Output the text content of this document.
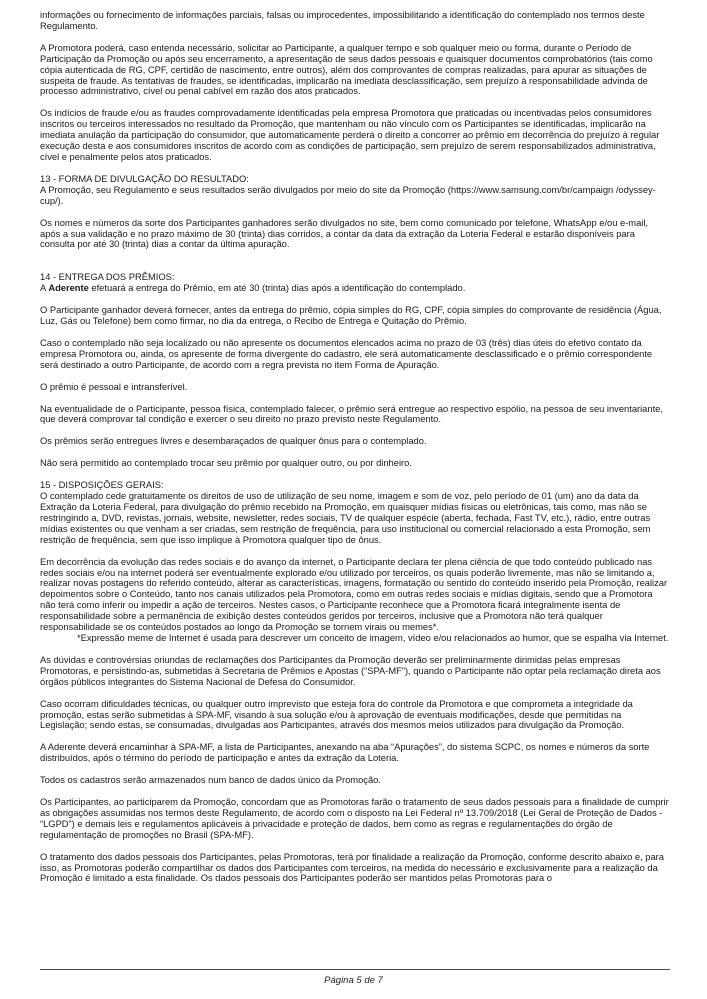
informações ou fornecimento de informações parciais, falsas ou improcedentes, impossibilitando a identificação do contemplado nos termos deste Regulamento.

A Promotora poderá, caso entenda necessário, solicitar ao Participante, a qualquer tempo e sob qualquer meio ou forma, durante o Período de Participação da Promoção ou após seu encerramento, a apresentação de seus dados pessoais e quaisquer documentos comprobatórios (tais como cópia autenticada de RG, CPF, certidão de nascimento, entre outros), além dos comprovantes de compras realizadas, para apurar as situações de suspeita de fraude. As tentativas de fraudes, se identificadas, implicarão na imediata desclassificação, sem prejuízo à responsabilidade advinda de processo administrativo, cível ou penal cabível em razão dos atos praticados.

Os indícios de fraude e/ou as fraudes comprovadamente identificadas pela empresa Promotora que praticadas ou incentivadas pelos consumidores inscritos ou terceiros interessados no resultado da Promoção, que mantenham ou não vínculo com os Participantes se identificadas, implicarão na imediata anulação da participação do consumidor, que automaticamente perderá o direito a concorrer ao prêmio em decorrência do prejuízo à regular execução desta e aos consumidores inscritos de acordo com as condições de participação, sem prejuízo de serem responsabilizados administrativa, cível e penalmente pelos atos praticados.

13 - FORMA DE DIVULGAÇÃO DO RESULTADO:

A Promoção, seu Regulamento e seus resultados serão divulgados por meio do site da Promoção (https://www.samsung.com/br/campaign /odyssey-cup/).

Os nomes e números da sorte dos Participantes ganhadores serão divulgados no site, bem como comunicado por telefone, WhatsApp e/ou e-mail, após a sua validação e no prazo máximo de 30 (trinta) dias corridos, a contar da data da extração da Loteria Federal e estarão disponíveis para consulta por até 30 (trinta) dias a contar da última apuração.

14 - ENTREGA DOS PRÊMIOS:

A Aderente efetuará a entrega do Prêmio, em até 30 (trinta) dias após a identificação do contemplado.

O Participante ganhador deverá fornecer, antes da entrega do prêmio, cópia simples do RG, CPF, cópia simples do comprovante de residência (Água, Luz, Gás ou Telefone) bem como firmar, no dia da entrega, o Recibo de Entrega e Quitação do Prêmio.

Caso o contemplado não seja localizado ou não apresente os documentos elencados acima no prazo de 03 (três) dias úteis do efetivo contato da empresa Promotora ou, ainda, os apresente de forma divergente do cadastro, ele será automaticamente desclassificado e o prêmio correspondente será destinado a outro Participante, de acordo com a regra prevista no item Forma de Apuração.

O prêmio é pessoal e intransferível.

Na eventualidade de o Participante, pessoa física, contemplado falecer, o prêmio será entregue ao respectivo espólio, na pessoa de seu inventariante, que deverá comprovar tal condição e exercer o seu direito no prazo previsto neste Regulamento.

Os prêmios serão entregues livres e desembaraçados de qualquer ônus para o contemplado.

Não será permitido ao contemplado trocar seu prêmio por qualquer outro, ou por dinheiro.

15 - DISPOSIÇÕES GERAIS:

O contemplado cede gratuitamente os direitos de uso de utilização de seu nome, imagem e som de voz, pelo período de 01 (um) ano da data da Extração da Loteria Federal, para divulgação do prêmio recebido na Promoção, em quaisquer mídias físicas ou eletrônicas, tais como, mas não se restringindo a, DVD, revistas, jornais, website, newsletter, redes sociais, TV de qualquer espécie (aberta, fechada, Fast TV, etc.), rádio, entre outras mídias existentes ou que venham a ser criadas, sem restrição de frequência, para uso institucional ou comercial relacionado a esta Promoção, sem restrição de frequência, sem que isso implique à Promotora qualquer tipo de ônus.

Em decorrência da evolução das redes sociais e do avanço da internet, o Participante declara ter plena ciência de que todo conteúdo publicado nas redes sociais e/ou na internet poderá ser eventualmente explorado e/ou utilizado por terceiros, os quais poderão livremente, mas não se limitando a, realizar novas postagens do referido conteúdo, alterar as características, imagens, formatação ou sentido do conteúdo inserido pela Promoção, realizar depoimentos sobre o Conteúdo, tanto nos canais utilizados pela Promotora, como em outras redes sociais e mídias digitais, sendo que a Promotora não terá como inferir ou impedir a ação de terceiros. Nestes casos, o Participante reconhece que a Promotora ficará integralmente isenta de responsabilidade sobre a permanência de exibição destes conteúdos geridos por terceiros, inclusive que a Promotora não terá qualquer responsabilidade se os conteúdos postados ao longo da Promoção se tornem virais ou memes*.

*Expressão meme de Internet é usada para descrever um conceito de imagem, vídeo e/ou relacionados ao humor, que se espalha via Internet.

As dúvidas e controvérsias oriundas de reclamações dos Participantes da Promoção deverão ser preliminarmente dirimidas pelas empresas Promotoras, e persistindo-as, submetidas à Secretaria de Prêmios e Apostas (“SPA-MF”), quando o Participante não optar pela reclamação direta aos órgãos públicos integrantes do Sistema Nacional de Defesa do Consumidor.

Caso ocorram dificuldades técnicas, ou qualquer outro imprevisto que esteja fora do controle da Promotora e que comprometa a integridade da promoção, estas serão submetidas à SPA-MF, visando à sua solução e/ou à aprovação de eventuais modificações, desde que permitidas na Legislação; sendo estas, se consumadas, divulgadas aos Participantes, através dos mesmos meios utilizados para divulgação da Promoção.

A Aderente deverá encaminhar à SPA-MF, a lista de Participantes, anexando na aba “Apurações”, do sistema SCPC, os nomes e números da sorte distribuídos, após o término do período de participação e antes da extração da Loteria.

Todos os cadastros serão armazenados num banco de dados único da Promoção.

Os Participantes, ao participarem da Promoção, concordam que as Promotoras farão o tratamento de seus dados pessoais para a finalidade de cumprir as obrigações assumidas nos termos deste Regulamento, de acordo com o disposto na Lei Federal nº 13.709/2018 (Lei Geral de Proteção de Dados - “LGPD”) e demais leis e regulamentos aplicáveis à privacidade e proteção de dados, bem como as regras e regulamentações do órgão de regulamentação de promoções no Brasil (SPA-MF).

O tratamento dos dados pessoais dos Participantes, pelas Promotoras, terá por finalidade a realização da Promoção, conforme descrito abaixo e, para isso, as Promotoras poderão compartilhar os dados dos Participantes com terceiros, na medida do necessário e exclusivamente para a realização da Promoção é limitado a esta finalidade. Os dados pessoais dos Participantes poderão ser mantidos pelas Promotoras para o

Página 5 de 7
